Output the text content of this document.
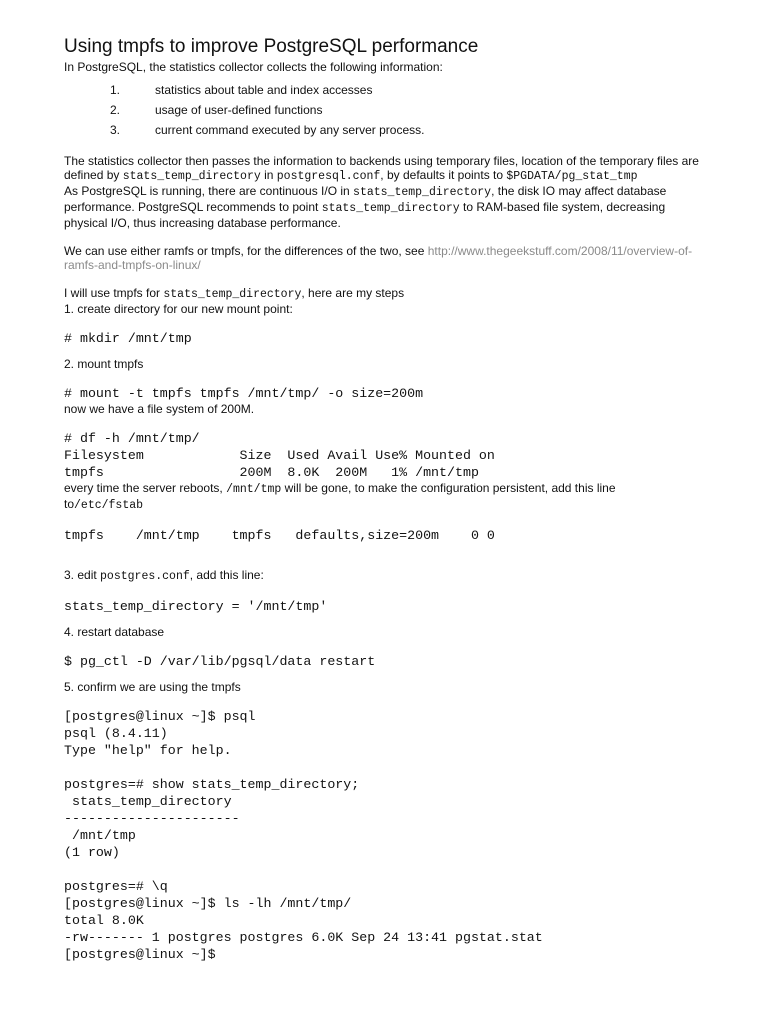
Using tmpfs to improve PostgreSQL performance

In PostgreSQL, the statistics collector collects the following information:

1.	statistics about table and index accesses
2.	usage of user-defined functions
3.	current command executed by any server process.

The statistics collector then passes the information to backends using temporary files, location of the temporary files are

defined by stats_temp_directory in postgresql.conf, by defaults it points to $PGDATA/pg_stat_tmp

As PostgreSQL is running, there are continuous I/O in stats_temp_directory, the disk IO may affect database

performance. PostgreSQL recommends to point stats_temp_directory to RAM-based file system, decreasing

physical I/O, thus increasing database performance.

We can use either ramfs or tmpfs, for the differences of the two, see http://www.thegeekstuff.com/2008/11/overview-of-

ramfs-and-tmpfs-on-linux/

I will use tmpfs for stats_temp_directory, here are my steps

1. create directory for our new mount point:

# mkdir /mnt/tmp

2. mount tmpfs

# mount -t tmpfs tmpfs /mnt/tmp/ -o size=200m

now we have a file system of 200M.

# df -h /mnt/tmp/
Filesystem            Size  Used Avail Use% Mounted on
tmpfs                 200M  8.0K  200M   1% /mnt/tmp

every time the server reboots, /mnt/tmp will be gone, to make the configuration persistent, add this line

to/etc/fstab

tmpfs    /mnt/tmp    tmpfs   defaults,size=200m    0 0

3. edit postgres.conf, add this line:

stats_temp_directory = '/mnt/tmp'

4. restart database

$ pg_ctl -D /var/lib/pgsql/data restart

5. confirm we are using the tmpfs

[postgres@linux ~]$ psql
psql (8.4.11)
Type "help" for help.

postgres=# show stats_temp_directory;
stats_temp_directory
----------------------
/mnt/tmp
(1 row)

postgres=# \q
[postgres@linux ~]$ ls -lh /mnt/tmp/
total 8.0K
-rw------- 1 postgres postgres 6.0K Sep 24 13:41 pgstat.stat
[postgres@linux ~]$
